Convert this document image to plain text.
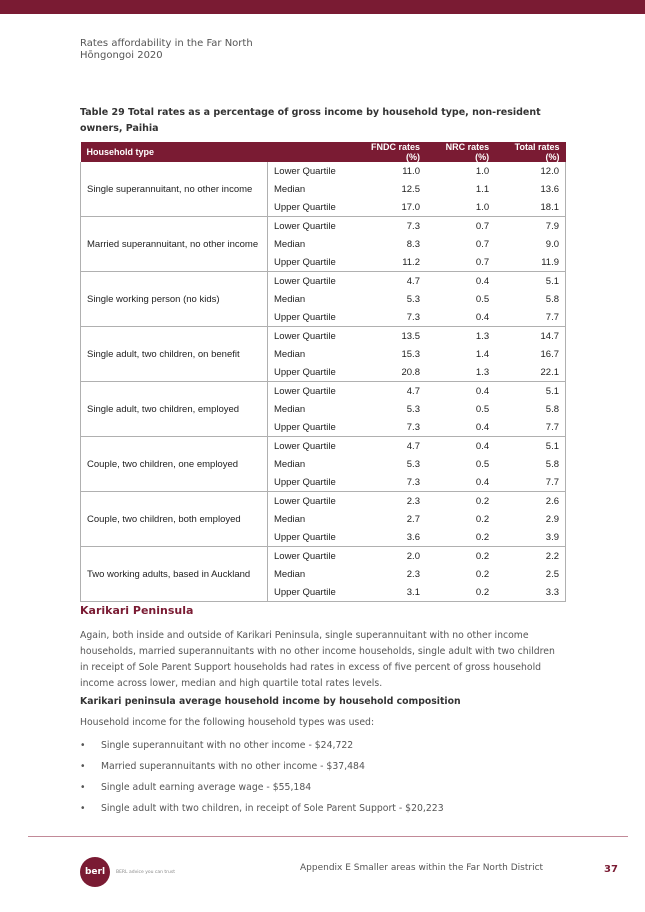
Rates affordability in the Far North
Hōngongoi 2020
Table 29 Total rates as a percentage of gross income by household type, non-resident owners, Paihia
Household type		FNDC rates (%)	NRC rates (%)	Total rates (%)
Single superannuitant, no other income	Lower Quartile	11.0	1.0	12.0
	Median	12.5	1.1	13.6
	Upper Quartile	17.0	1.0	18.1
Married superannuitant, no other income	Lower Quartile	7.3	0.7	7.9
	Median	8.3	0.7	9.0
	Upper Quartile	11.2	0.7	11.9
Single working person (no kids)	Lower Quartile	4.7	0.4	5.1
	Median	5.3	0.5	5.8
	Upper Quartile	7.3	0.4	7.7
Single adult, two children, on benefit	Lower Quartile	13.5	1.3	14.7
	Median	15.3	1.4	16.7
	Upper Quartile	20.8	1.3	22.1
Single adult, two children, employed	Lower Quartile	4.7	0.4	5.1
	Median	5.3	0.5	5.8
	Upper Quartile	7.3	0.4	7.7
Couple, two children, one employed	Lower Quartile	4.7	0.4	5.1
	Median	5.3	0.5	5.8
	Upper Quartile	7.3	0.4	7.7
Couple, two children, both employed	Lower Quartile	2.3	0.2	2.6
	Median	2.7	0.2	2.9
	Upper Quartile	3.6	0.2	3.9
Two working adults, based in Auckland	Lower Quartile	2.0	0.2	2.2
	Median	2.3	0.2	2.5
	Upper Quartile	3.1	0.2	3.3
Karikari Peninsula
Again, both inside and outside of Karikari Peninsula, single superannuitant with no other income households, married superannuitants with no other income households, single adult with two children in receipt of Sole Parent Support households had rates in excess of five percent of gross household income across lower, median and high quartile total rates levels.
Karikari peninsula average household income by household composition
Household income for the following household types was used:
• Single superannuitant with no other income - $24,722
• Married superannuitants with no other income - $37,484
• Single adult earning average wage - $55,184
• Single adult with two children, in receipt of Sole Parent Support - $20,223
berl	BERL advice you can trust	Appendix E Smaller areas within the Far North District	37
